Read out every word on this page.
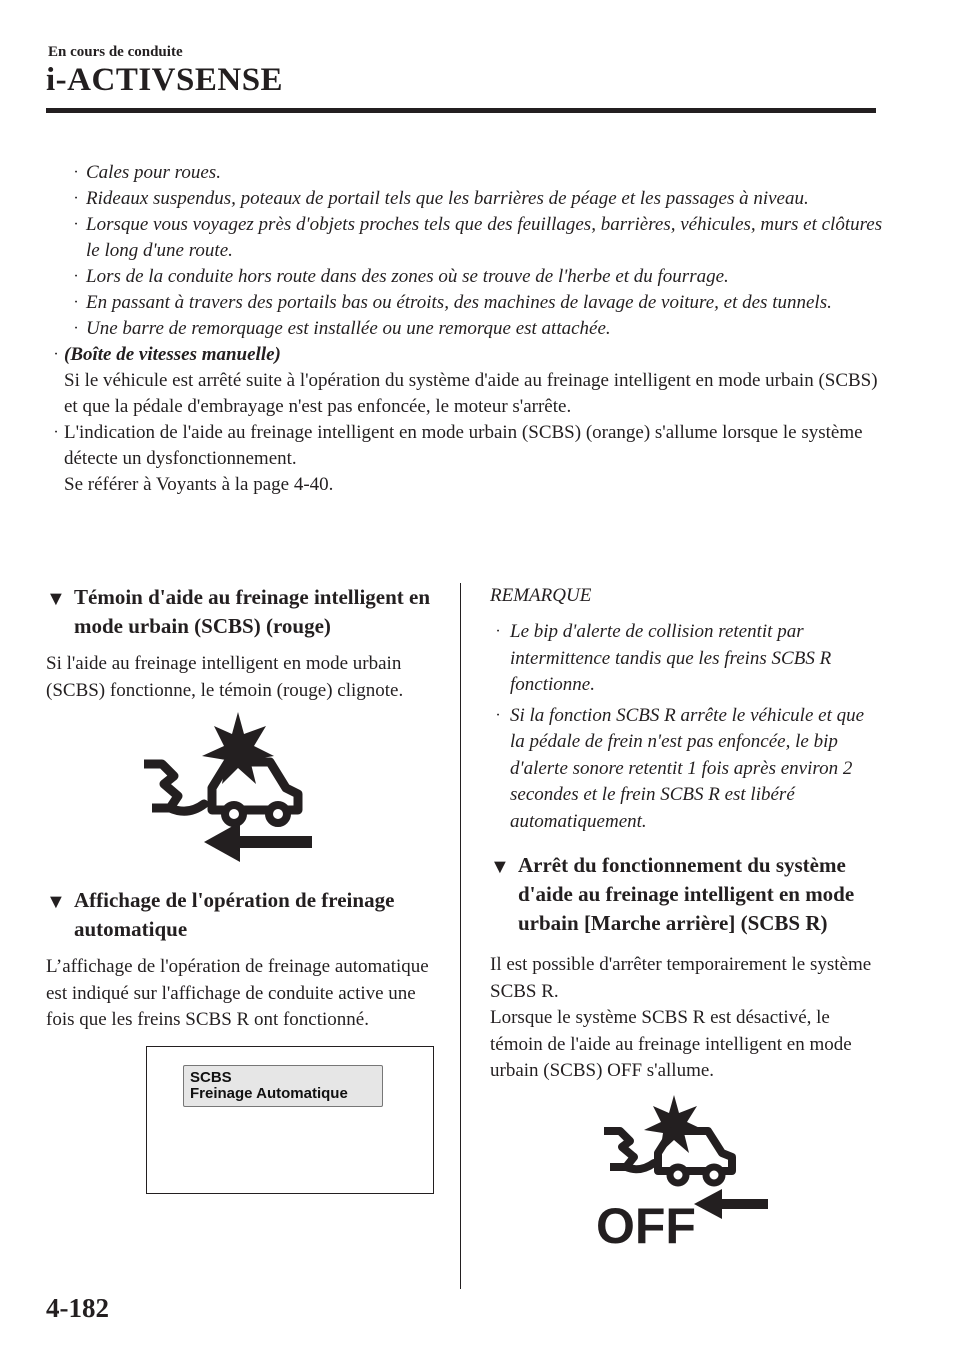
En cours de conduite
i-ACTIVSENSE
· Cales pour roues.
· Rideaux suspendus, poteaux de portail tels que les barrières de péage et les passages à niveau.
· Lorsque vous voyagez près d'objets proches tels que des feuillages, barrières, véhicules, murs et clôtures le long d'une route.
· Lors de la conduite hors route dans des zones où se trouve de l'herbe et du fourrage.
· En passant à travers des portails bas ou étroits, des machines de lavage de voiture, et des tunnels.
· Une barre de remorquage est installée ou une remorque est attachée.
· (Boîte de vitesses manuelle)
Si le véhicule est arrêté suite à l'opération du système d'aide au freinage intelligent en mode urbain (SCBS) et que la pédale d'embrayage n'est pas enfoncée, le moteur s'arrête.
· L'indication de l'aide au freinage intelligent en mode urbain (SCBS) (orange) s'allume lorsque le système détecte un dysfonctionnement.
Se référer à Voyants à la page 4-40.
▼ Témoin d'aide au freinage intelligent en mode urbain (SCBS) (rouge)
Si l'aide au freinage intelligent en mode urbain (SCBS) fonctionne, le témoin (rouge) clignote.
▼ Affichage de l'opération de freinage automatique
L’affichage de l'opération de freinage automatique est indiqué sur l'affichage de conduite active une fois que les freins SCBS R ont fonctionné.
SCBS
Freinage Automatique
REMARQUE
· Le bip d'alerte de collision retentit par intermittence tandis que les freins SCBS R fonctionne.
· Si la fonction SCBS R arrête le véhicule et que la pédale de frein n'est pas enfoncée, le bip d'alerte sonore retentit 1 fois après environ 2 secondes et le frein SCBS R est libéré automatiquement.
▼ Arrêt du fonctionnement du système d'aide au freinage intelligent en mode urbain [Marche arrière] (SCBS R)
Il est possible d'arrêter temporairement le système SCBS R.
Lorsque le système SCBS R est désactivé, le témoin de l'aide au freinage intelligent en mode urbain (SCBS) OFF s'allume.
OFF
4-182
